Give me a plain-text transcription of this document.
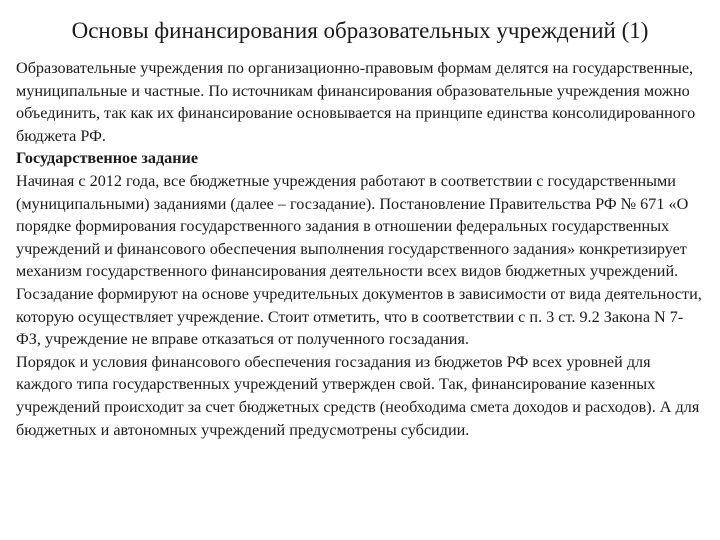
Основы финансирования образовательных учреждений (1)

Образовательные учреждения по организационно-правовым формам делятся на государственные, муниципальные и частные. По источникам финансирования образовательные учреждения можно объединить, так как их финансирование основывается на принципе единства консолидированного бюджета РФ.

Государственное задание

Начиная с 2012 года, все бюджетные учреждения работают в соответствии с государственными (муниципальными) заданиями (далее – госзадание). Постановление Правительства РФ № 671 «О порядке формирования государственного задания в отношении федеральных государственных учреждений и финансового обеспечения выполнения государственного задания» конкретизирует механизм государственного финансирования деятельности всех видов бюджетных учреждений.

Госзадание формируют на основе учредительных документов в зависимости от вида деятельности, которую осуществляет учреждение. Стоит отметить, что в соответствии с п. 3 ст. 9.2 Закона N 7-ФЗ, учреждение не вправе отказаться от полученного госзадания.

Порядок и условия финансового обеспечения госзадания из бюджетов РФ всех уровней для каждого типа государственных учреждений утвержден свой. Так, финансирование казенных учреждений происходит за счет бюджетных средств (необходима смета доходов и расходов). А для бюджетных и автономных учреждений предусмотрены субсидии.
